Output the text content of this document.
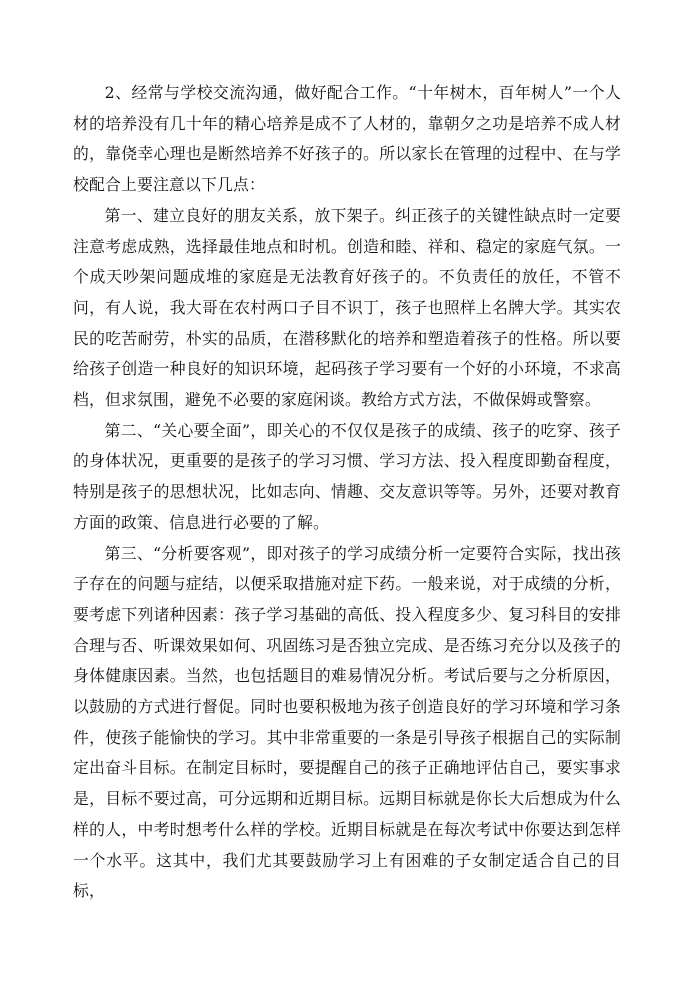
2、经常与学校交流沟通，做好配合工作。“十年树木，百年树人”一个人材的培养没有几十年的精心培养是成不了人材的，靠朝夕之功是培养不成人材的，靠侥幸心理也是断然培养不好孩子的。所以家长在管理的过程中、在与学校配合上要注意以下几点：

第一、建立良好的朋友关系，放下架子。纠正孩子的关键性缺点时一定要注意考虑成熟，选择最佳地点和时机。创造和睦、祥和、稳定的家庭气氛。一个成天吵架问题成堆的家庭是无法教育好孩子的。不负责任的放任，不管不问，有人说，我大哥在农村两口子目不识丁，孩子也照样上名牌大学。其实农民的吃苦耐劳，朴实的品质，在潜移默化的培养和塑造着孩子的性格。所以要给孩子创造一种良好的知识环境，起码孩子学习要有一个好的小环境，不求高档，但求氛围，避免不必要的家庭闲谈。教给方式方法，不做保姆或警察。

第二、“关心要全面”，即关心的不仅仅是孩子的成绩、孩子的吃穿、孩子的身体状况，更重要的是孩子的学习习惯、学习方法、投入程度即勤奋程度，特别是孩子的思想状况，比如志向、情趣、交友意识等等。另外，还要对教育方面的政策、信息进行必要的了解。

第三、“分析要客观”，即对孩子的学习成绩分析一定要符合实际，找出孩子存在的问题与症结，以便采取措施对症下药。一般来说，对于成绩的分析，要考虑下列诸种因素：孩子学习基础的高低、投入程度多少、复习科目的安排合理与否、听课效果如何、巩固练习是否独立完成、是否练习充分以及孩子的身体健康因素。当然，也包括题目的难易情况分析。考试后要与之分析原因，以鼓励的方式进行督促。同时也要积极地为孩子创造良好的学习环境和学习条件，使孩子能愉快的学习。其中非常重要的一条是引导孩子根据自己的实际制定出奋斗目标。在制定目标时，要提醒自己的孩子正确地评估自己，要实事求是，目标不要过高，可分远期和近期目标。远期目标就是你长大后想成为什么样的人，中考时想考什么样的学校。近期目标就是在每次考试中你要达到怎样一个水平。这其中，我们尤其要鼓励学习上有困难的子女制定适合自己的目标，
